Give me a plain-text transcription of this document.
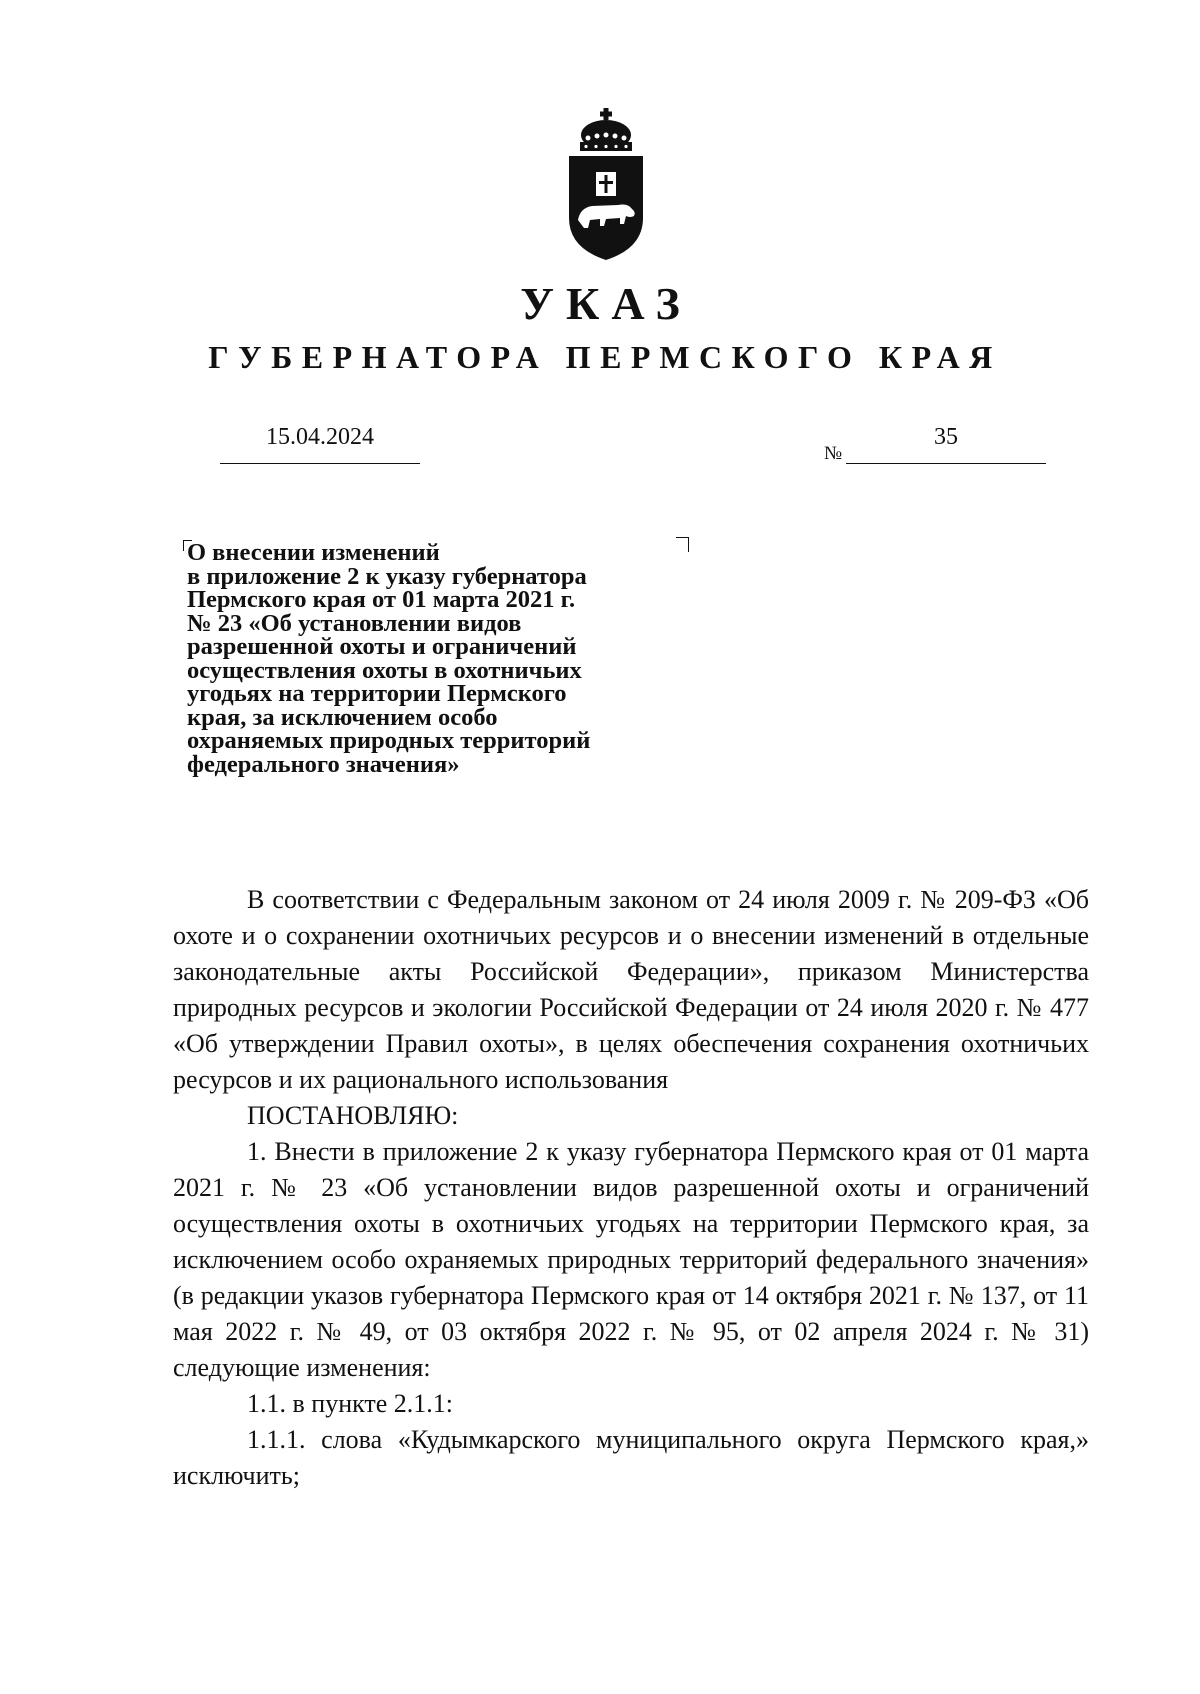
УКАЗ
ГУБЕРНАТОРА ПЕРМСКОГО КРАЯ
15.04.2024
№
35
О внесении изменений
в приложение 2 к указу губернатора
Пермского края от 01 марта 2021 г.
№ 23 «Об установлении видов
разрешенной охоты и ограничений
осуществления охоты в охотничьих
угодьях на территории Пермского
края, за исключением особо
охраняемых природных территорий
федерального значения»

В соответствии с Федеральным законом от 24 июля 2009 г. № 209-ФЗ «Об охоте и о сохранении охотничьих ресурсов и о внесении изменений в отдельные законодательные акты Российской Федерации», приказом Министерства природных ресурсов и экологии Российской Федерации от 24 июля 2020 г. № 477 «Об утверждении Правил охоты», в целях обеспечения сохранения охотничьих ресурсов и их рационального использования

ПОСТАНОВЛЯЮ:

1. Внести в приложение 2 к указу губернатора Пермского края от 01 марта 2021 г. № 23 «Об установлении видов разрешенной охоты и ограничений осуществления охоты в охотничьих угодьях на территории Пермского края, за исключением особо охраняемых природных территорий федерального значения» (в редакции указов губернатора Пермского края от 14 октября 2021 г. № 137, от 11 мая 2022 г. № 49, от 03 октября 2022 г. № 95, от 02 апреля 2024 г. № 31) следующие изменения:

1.1. в пункте 2.1.1:

1.1.1. слова «Кудымкарского муниципального округа Пермского края,» исключить;
